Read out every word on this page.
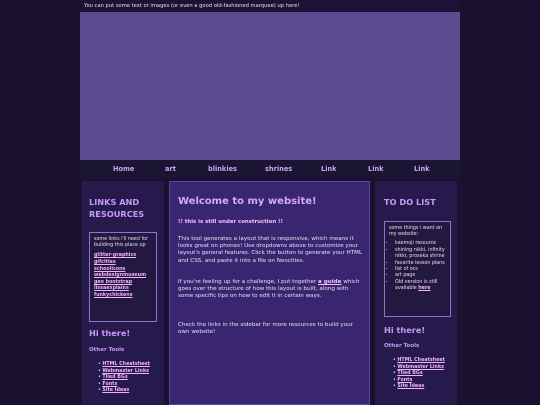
You can put some text or images (or even a good old-fashioned marquee) up here!
Home	art	blinkies	shrines	Link	Link	Link
LINKS AND RESOURCES
some links i'll need for building this place up
glitter-graphics
gifcities
schoolicons
webdesignmuseum
geo bootstrap
lissaexplains
funkychickens
Hi there!
Other Tools
• HTML Cheatsheet
• Webmaster Links
• Tiled BGs
• Fonts
• Site Ideas
Welcome to my website!
!! this is still under construction !!
This tool generates a layout that is responsive, which means it looks great on phones! Use dropdowns above to customize your layout's general features. Click the button to generate your HTML and CSS, and paste it into a file on Neocities.
If you're feeling up for a challenge, I put together a guide which goes over the structure of how this layout is built, along with some specific tips on how to edit it in certain ways.
Check the links in the sidebar for more resources to build your own website!
TO DO LIST
some things i want on my website:
• kaomoji resource
• shining nikki, infinity nikki, proseka shrine
• favorite lesson plans
• list of ocs
• art page
• Old version is still available here
Hi there!
Other Tools
• HTML Cheatsheet
• Webmaster Links
• Tiled BGs
• Fonts
• Site Ideas
